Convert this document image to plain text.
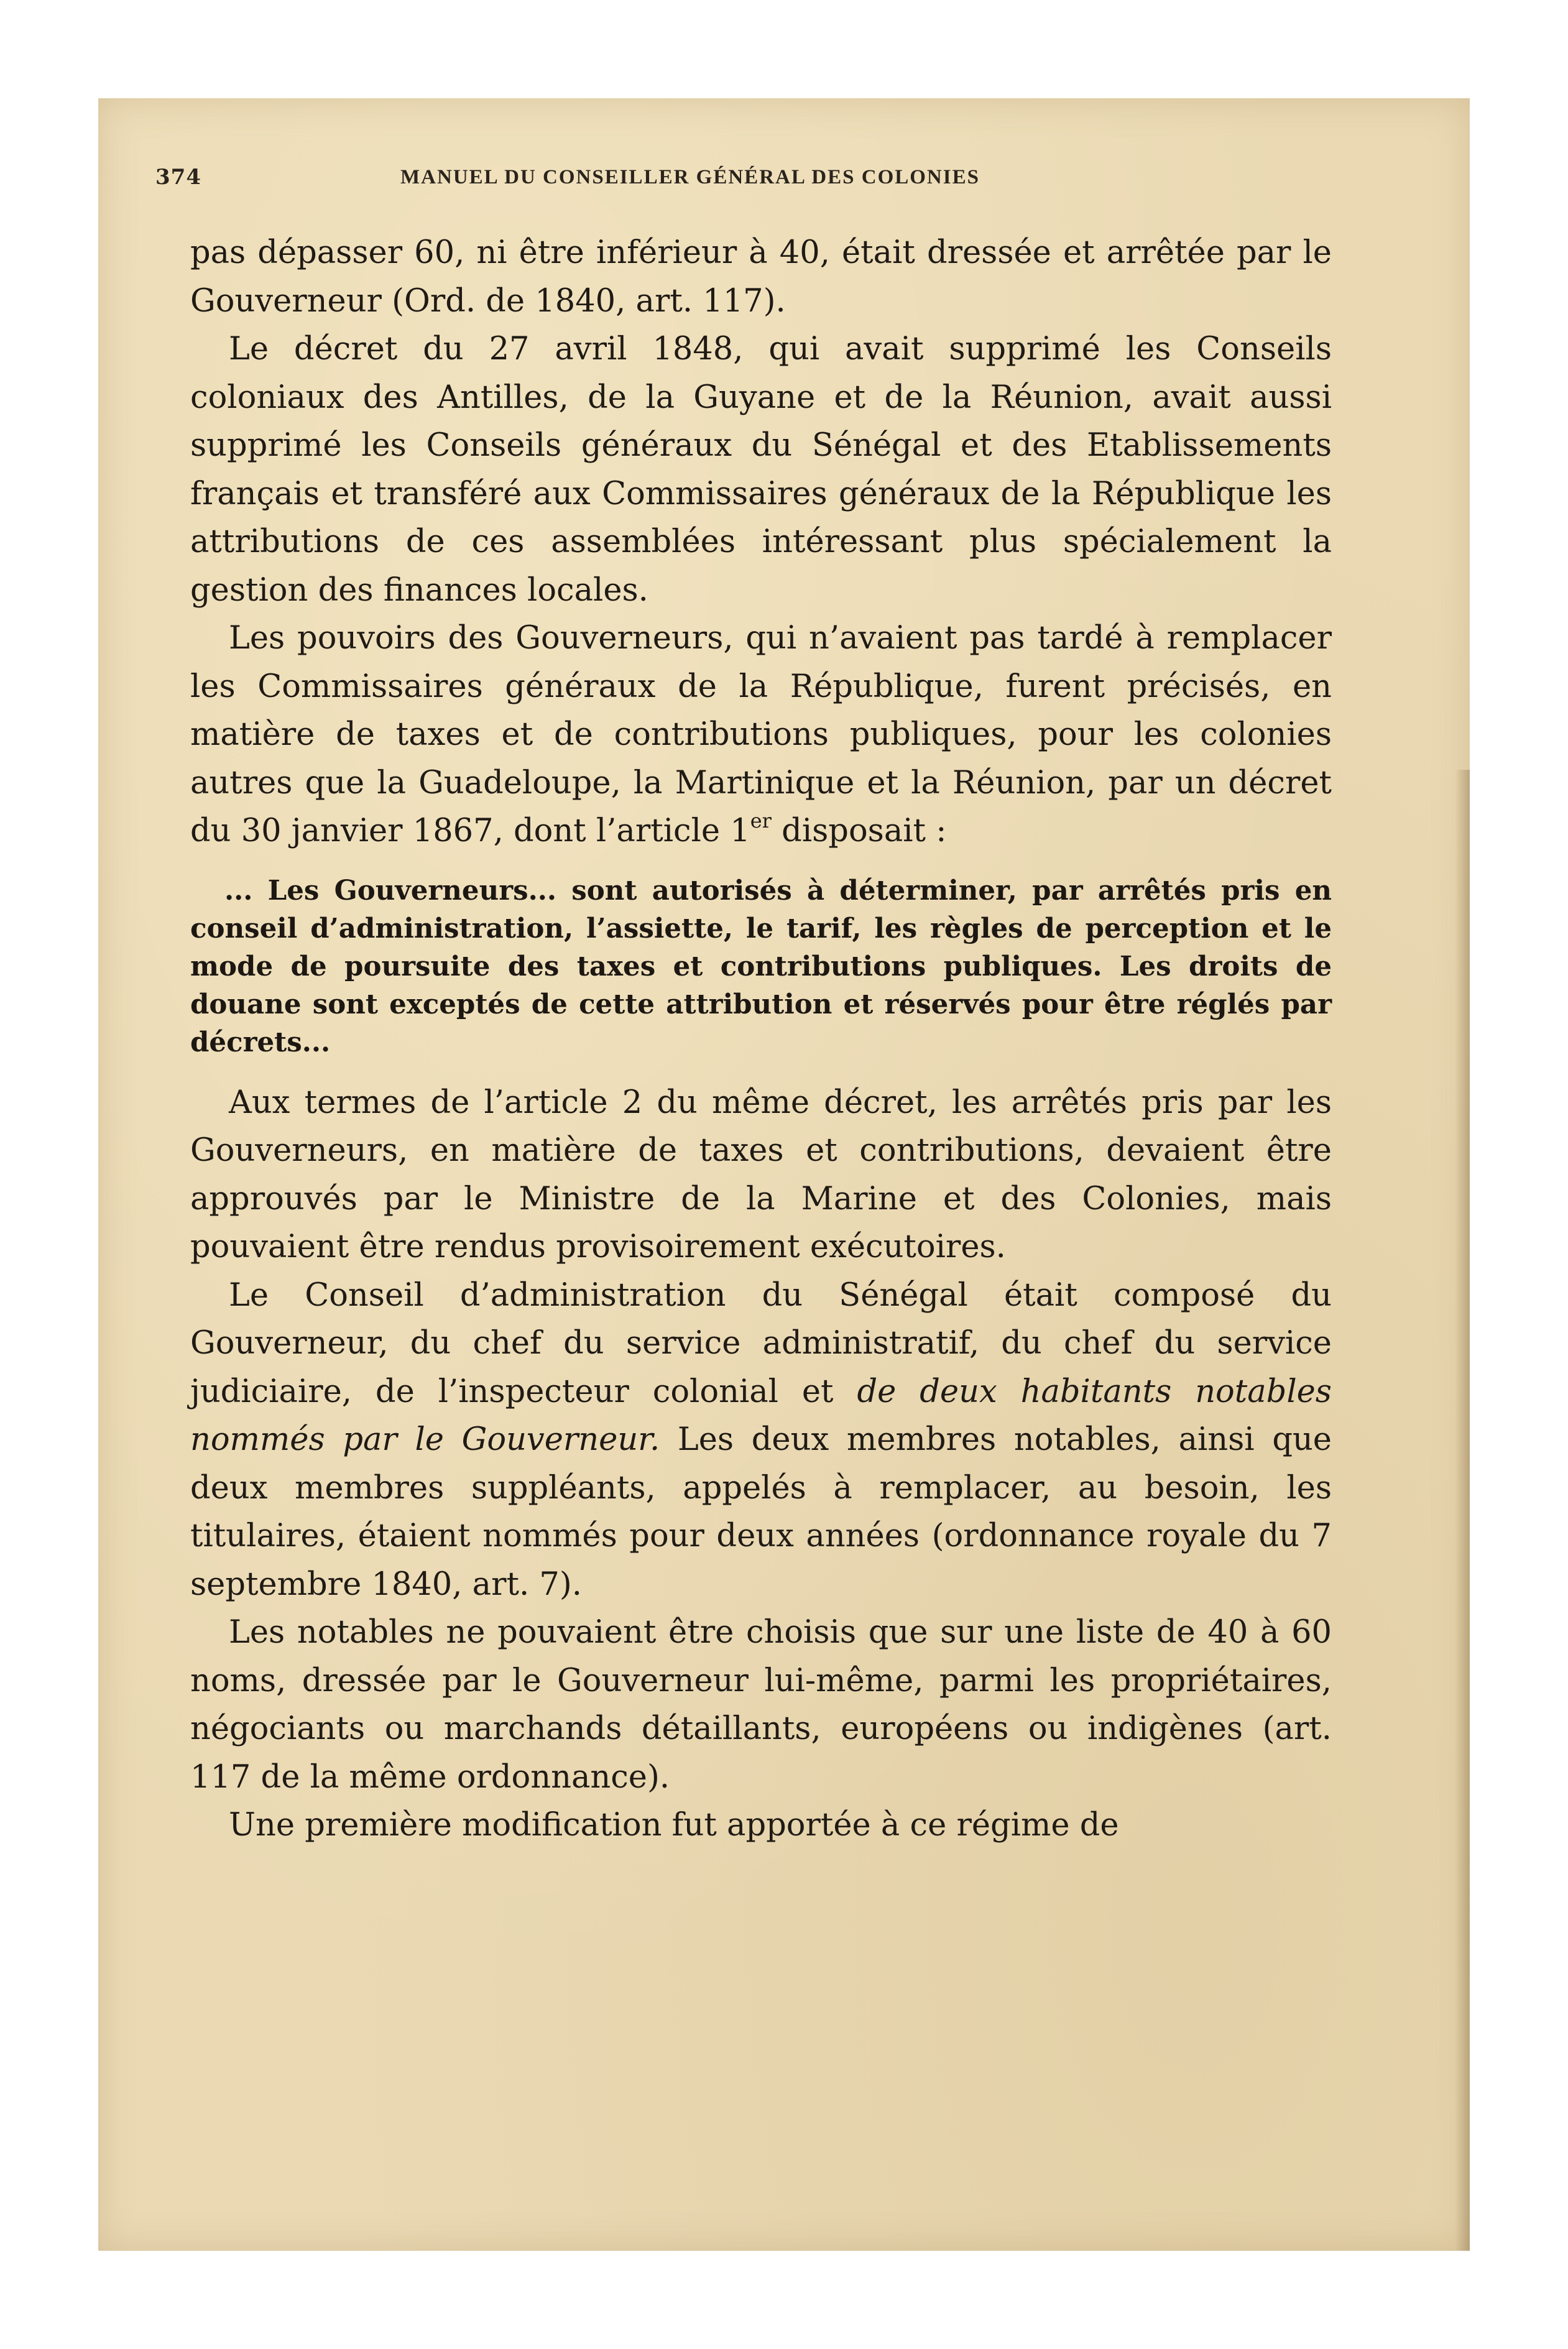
374	MANUEL DU CONSEILLER GÉNÉRAL DES COLONIES

pas dépasser 60, ni être inférieur à 40, était dressée et arrêtée par le Gouverneur (Ord. de 1840, art. 117).

Le décret du 27 avril 1848, qui avait supprimé les Conseils coloniaux des Antilles, de la Guyane et de la Réunion, avait aussi supprimé les Conseils généraux du Sénégal et des Etablissements français et transféré aux Commissaires généraux de la République les attributions de ces assemblées intéressant plus spécialement la gestion des finances locales.

Les pouvoirs des Gouverneurs, qui n’avaient pas tardé à remplacer les Commissaires généraux de la République, furent précisés, en matière de taxes et de contributions publiques, pour les colonies autres que la Guadeloupe, la Martinique et la Réunion, par un décret du 30 janvier 1867, dont l’article 1er disposait :

... Les Gouverneurs... sont autorisés à déterminer, par arrêtés pris en conseil d’administration, l’assiette, le tarif, les règles de perception et le mode de poursuite des taxes et contributions publiques. Les droits de douane sont exceptés de cette attribution et réservés pour être réglés par décrets...

Aux termes de l’article 2 du même décret, les arrêtés pris par les Gouverneurs, en matière de taxes et contributions, devaient être approuvés par le Ministre de la Marine et des Colonies, mais pouvaient être rendus provisoirement exécutoires.

Le Conseil d’administration du Sénégal était composé du Gouverneur, du chef du service administratif, du chef du service judiciaire, de l’inspecteur colonial et de deux habitants notables nommés par le Gouverneur. Les deux membres notables, ainsi que deux membres suppléants, appelés à remplacer, au besoin, les titulaires, étaient nommés pour deux années (ordonnance royale du 7 septembre 1840, art. 7).

Les notables ne pouvaient être choisis que sur une liste de 40 à 60 noms, dressée par le Gouverneur lui-même, parmi les propriétaires, négociants ou marchands détaillants, européens ou indigènes (art. 117 de la même ordonnance).

Une première modification fut apportée à ce régime de
